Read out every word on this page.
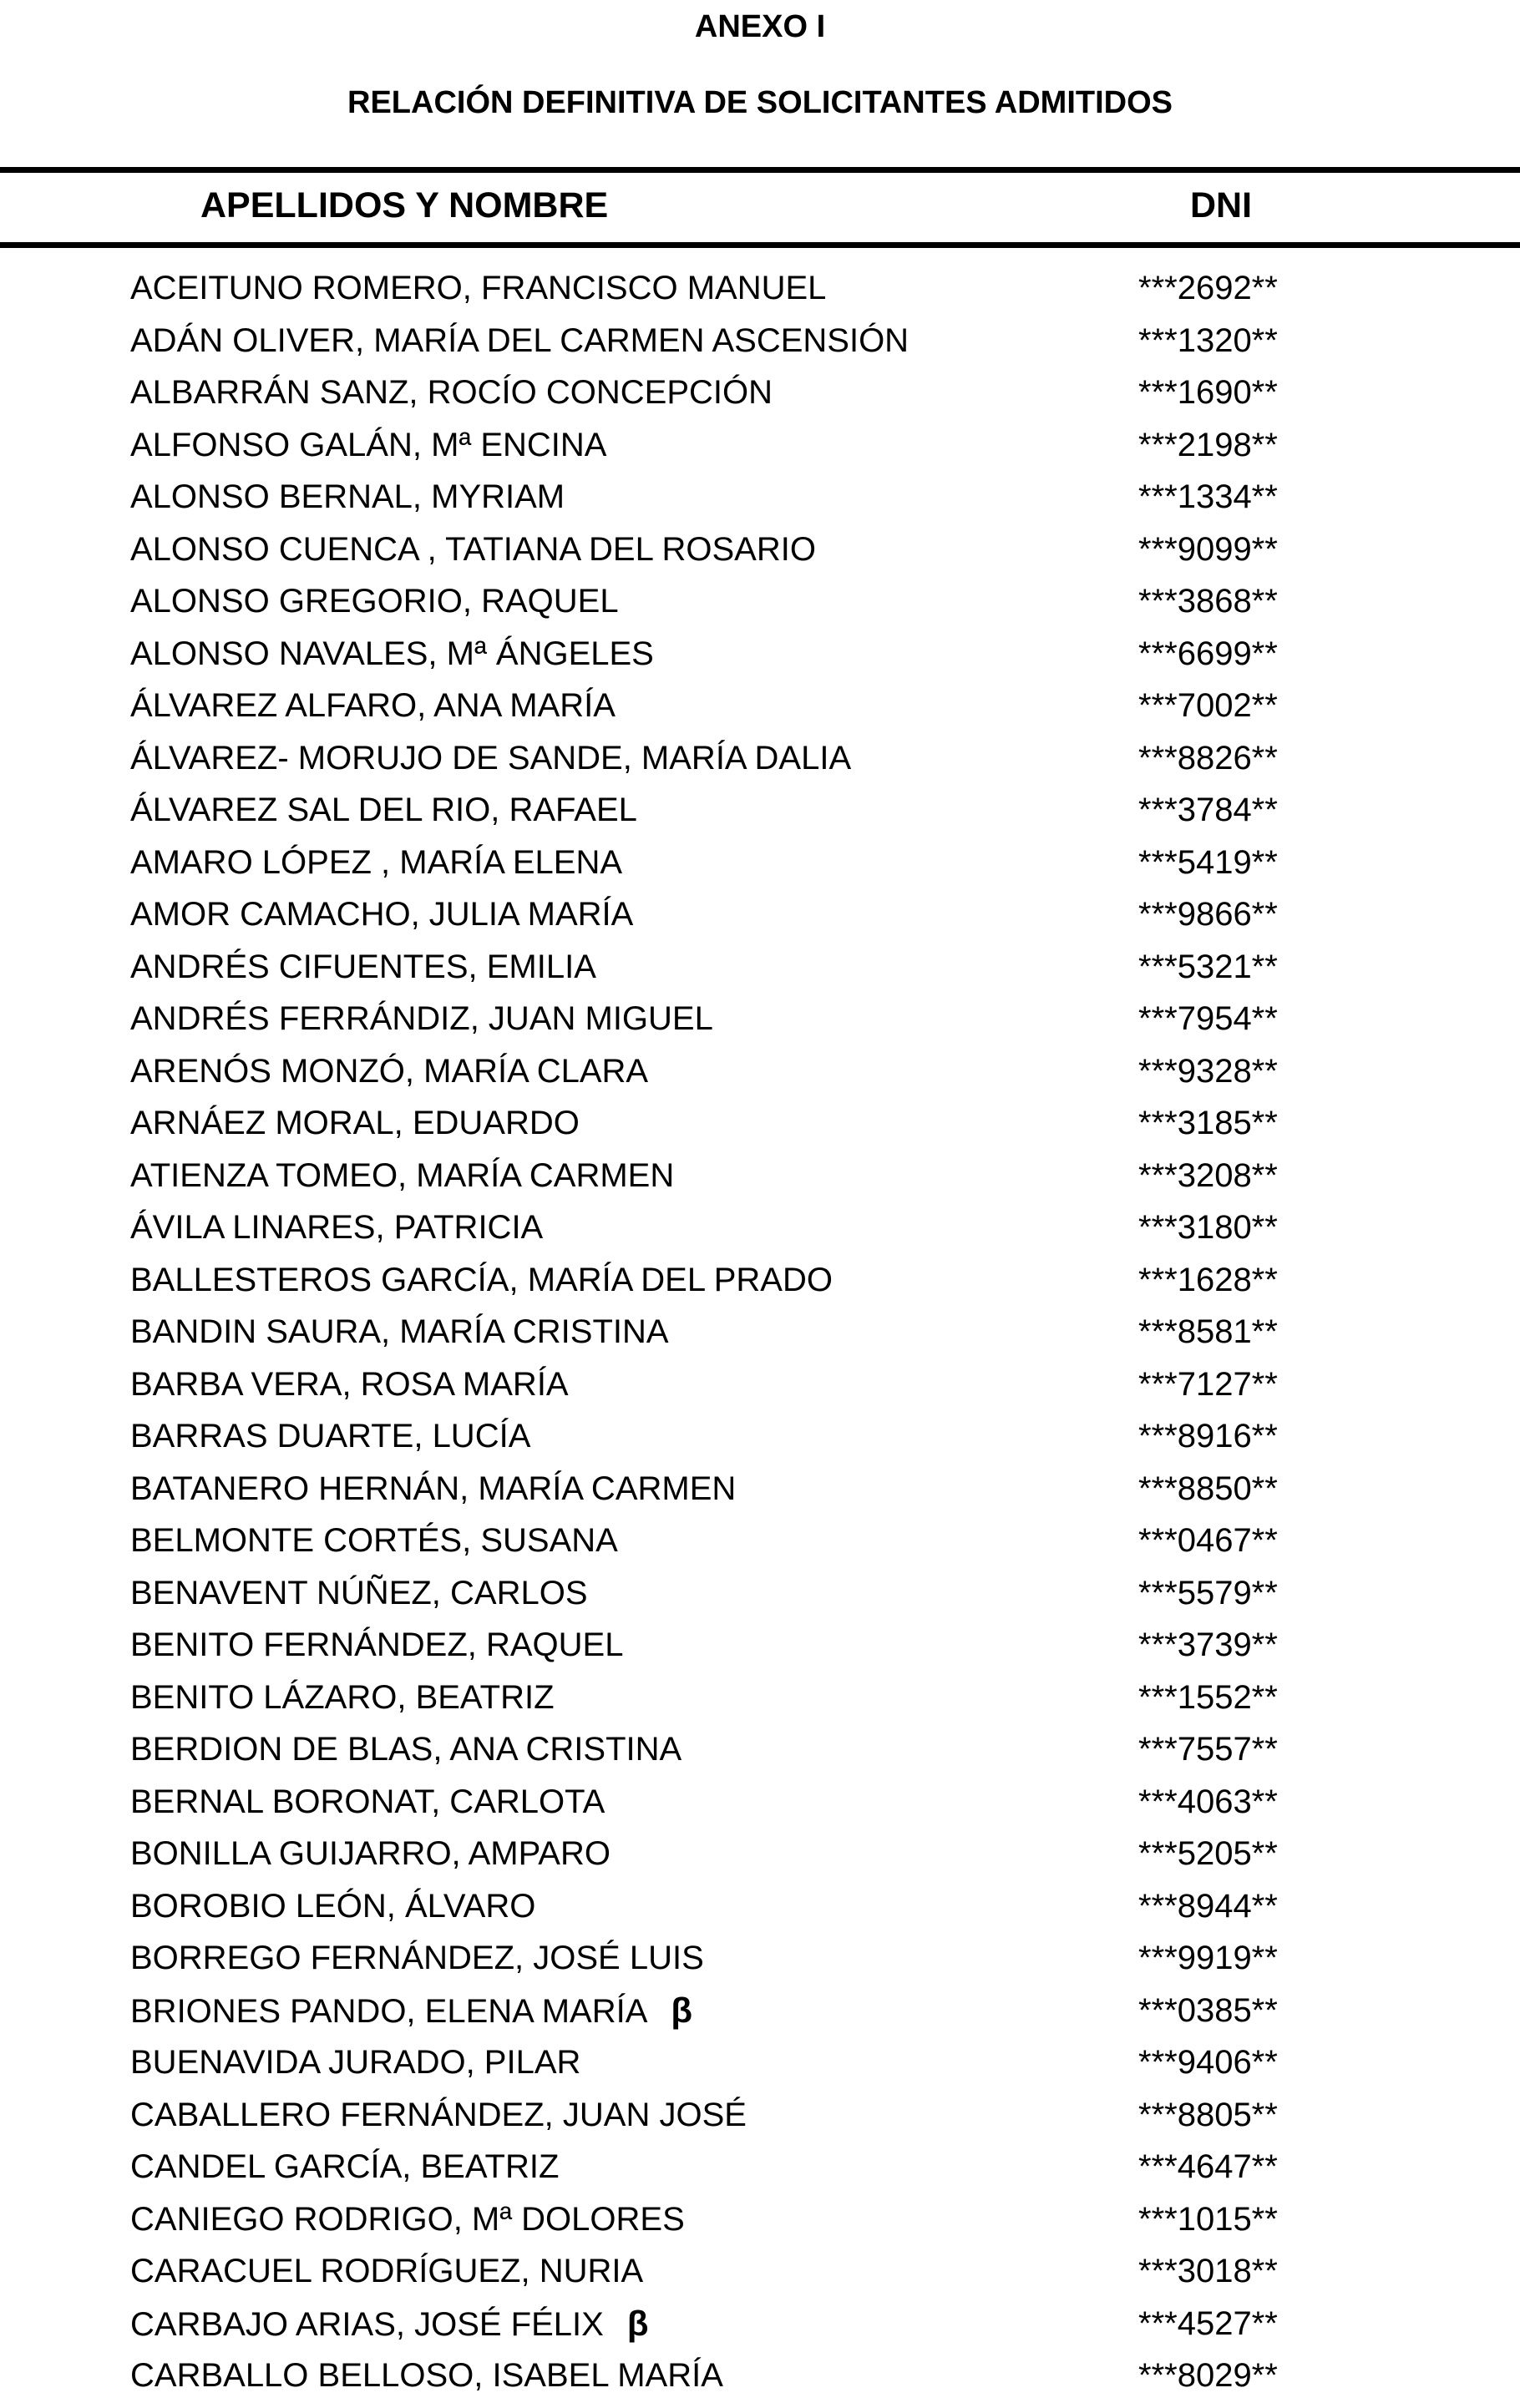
ANEXO I
RELACIÓN DEFINITIVA DE SOLICITANTES ADMITIDOS
APELLIDOS Y NOMBRE	DNI
ACEITUNO ROMERO, FRANCISCO MANUEL	***2692**
ADÁN OLIVER, MARÍA DEL CARMEN ASCENSIÓN	***1320**
ALBARRÁN SANZ, ROCÍO CONCEPCIÓN	***1690**
ALFONSO GALÁN, Mª ENCINA	***2198**
ALONSO BERNAL, MYRIAM	***1334**
ALONSO CUENCA , TATIANA DEL ROSARIO	***9099**
ALONSO GREGORIO, RAQUEL	***3868**
ALONSO NAVALES, Mª ÁNGELES	***6699**
ÁLVAREZ ALFARO, ANA MARÍA	***7002**
ÁLVAREZ- MORUJO DE SANDE, MARÍA DALIA	***8826**
ÁLVAREZ SAL DEL RIO, RAFAEL	***3784**
AMARO LÓPEZ , MARÍA ELENA	***5419**
AMOR CAMACHO, JULIA MARÍA	***9866**
ANDRÉS CIFUENTES, EMILIA	***5321**
ANDRÉS FERRÁNDIZ, JUAN MIGUEL	***7954**
ARENÓS MONZÓ, MARÍA CLARA	***9328**
ARNÁEZ MORAL, EDUARDO	***3185**
ATIENZA TOMEO, MARÍA CARMEN	***3208**
ÁVILA LINARES, PATRICIA	***3180**
BALLESTEROS GARCÍA, MARÍA DEL PRADO	***1628**
BANDIN SAURA, MARÍA CRISTINA	***8581**
BARBA VERA, ROSA MARÍA	***7127**
BARRAS DUARTE, LUCÍA	***8916**
BATANERO HERNÁN, MARÍA CARMEN	***8850**
BELMONTE CORTÉS, SUSANA	***0467**
BENAVENT NÚÑEZ, CARLOS	***5579**
BENITO FERNÁNDEZ, RAQUEL	***3739**
BENITO LÁZARO, BEATRIZ	***1552**
BERDION DE BLAS, ANA CRISTINA	***7557**
BERNAL BORONAT, CARLOTA	***4063**
BONILLA GUIJARRO, AMPARO	***5205**
BOROBIO LEÓN, ÁLVARO	***8944**
BORREGO FERNÁNDEZ, JOSÉ LUIS	***9919**
BRIONES PANDO, ELENA MARÍA β	***0385**
BUENAVIDA JURADO, PILAR	***9406**
CABALLERO FERNÁNDEZ, JUAN JOSÉ	***8805**
CANDEL GARCÍA, BEATRIZ	***4647**
CANIEGO RODRIGO, Mª DOLORES	***1015**
CARACUEL RODRÍGUEZ, NURIA	***3018**
CARBAJO ARIAS, JOSÉ FÉLIX β	***4527**
CARBALLO BELLOSO, ISABEL MARÍA	***8029**
